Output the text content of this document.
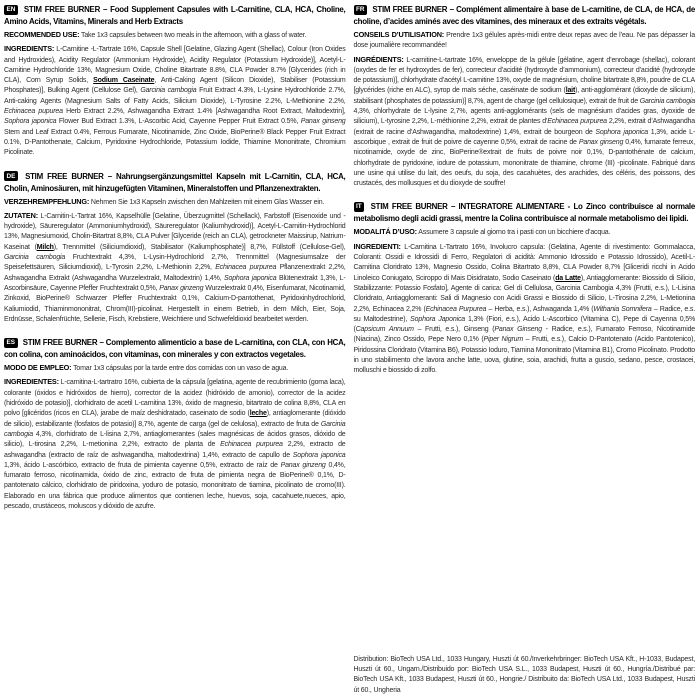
EN STIM FREE BURNER – Food Supplement Capsules with L-Carnitine, CLA, HCA, Choline, Amino Acids, Vitamins, Minerals and Herb Extracts

RECOMMENDED USE: Take 1x3 capsules between two meals in the afternoon, with a glass of water.

INGREDIENTS: L-Carnitine -L-Tartrate 16%, Capsule Shell [Gelatine, Glazing Agent (Shellac), Colour (Iron Oxides and Hydroxides), Acidity Regulator (Ammonium Hydroxide), Acidity Regulator (Potassium Hydroxide)], Acetyl-L-Carnitine Hydrochloride 13%, Magnesium Oxide, Choline Bitartrate 8.8%, CLA Powder 8.7% [Glycerides (rich in CLA), Corn Syrup Solids, Sodium Caseinate, Anti-Caking Agent (Silicon Dioxide), Stabiliser (Potassium Phosphates)], Bulking Agent (Cellulose Gel), Garcinia cambogia Fruit Extract 4.3%, L-Lysine Hydrochloride 2.7%, Anti-caking Agents (Magnesium Salts of Fatty Acids, Silicium Dioxide), L-Tyrosine 2.2%, L-Methionine 2.2%, Echinacea pupurea Herb Extract 2.2%, Ashwagandha Extract 1.4% [Ashwagandha Root Extract, Maltodextrin], Sophora japonica Flower Bud Extract 1.3%, L-Ascorbic Acid, Cayenne Pepper Fruit Extract 0.5%, Panax ginseng Stem and Leaf Extract 0.4%, Ferrous Fumarate, Nicotinamide, Zinc Oxide, BioPerine® Black Pepper Fruit Extract 0.1%, D-Pantothenate, Calcium, Pyridoxine Hydrochloride, Potassium Iodide, Thiamine Mononitrate, Chromium Picolinate.

DE STIM FREE BURNER – Nahrungsergänzungsmittel Kapseln mit L-Carnitin, CLA, HCA, Cholin, Aminosäuren, mit hinzugefügten Vitaminen, Mineralstoffen und Pflanzenextrakten.

VERZEHREMPFEHLUNG: Nehmen Sie 1x3 Kapseln zwischen den Mahlzeiten mit einem Glas Wasser ein.

ZUTATEN: L-Carnitin-L-Tartrat 16%, Kapselhülle [Gelatine, Überzugmittel (Schellack), Farbstoff (Eisenoxide und -hydroxide), Säureregulator (Ammoniumhydroxid), Säureregulator (Kaliumhydroxid)], Acetyl-L-Carnitin-Hydrochlorid 13%, Magnesiumoxid, Cholin-Bitartrat 8,8%, CLA Pulver [Glyceride (reich an CLA), getrockneter Maissirup, Natrium-Kaseinat (Milch), Trennmittel (Siliciumdioxid), Stabilisator (Kaliumphosphate)] 8,7%, Füllstoff (Cellulose-Gel), Garcinia cambogia Fruchtextrakt 4,3%, L-Lysin-Hydrochlorid 2,7%, Trennmittel (Magnesiumsalze der Speisefettsäuren, Siliciumdioxid), L-Tyrosin 2,2%, L-Methionin 2,2%, Echinacea purpurea Pflanzenextrakt 2,2%, Ashwagandha Extrakt (Ashwagandha Wurzelextrakt, Maltodextrin) 1,4%, Sophora japonica Blütenextrakt 1,3%, L-Ascorbinsäure, Cayenne Pfeffer Fruchtextrakt 0,5%, Panax ginzeng Wurzelextrakt 0,4%, Eisenfumarat, Nicotinamid, Zinkoxid, BioPerine® Schwarzer Pfeffer Fruchtextrakt 0,1%, Calcium-D-pantothenat, Pyridoxinhydrochlorid, Kaliumiodid, Thiaminmononitrat, Chrom(III)-picolinat. Hergestellt in einem Betrieb, in dem Milch, Eier, Soja, Erdnüsse, Schalenfrüchte, Sellerie, Fisch, Krebstiere, Weichtiere und Schwefeldioxid bearbeitet werden.

ES STIM FREE BURNER – Complemento alimenticio a base de L-carnitina, con CLA, con HCA, con colina, con aminoácidos, con vitaminas, con minerales y con extractos vegetales.

MODO DE EMPLEO: Tomar 1x3 cápsulas por la tarde entre dos comidas con un vaso de agua.

INGREDIENTES: L-carnitina-L-tartratro 16%, cubierta de la cápsula [gelatina, agente de recubrimiento (goma laca), colorante (óxidos e hidróxidos de hierro), corrector de la acidez (hidróxido de amonio), corrector de la acidez (hidróxido de potasio)], clorhidrato de acetil L-carnitina 13%, óxido de magnesio, bitartrato de colina 8,8%, CLA en polvo [glicéridos (ricos en CLA), jarabe de maíz deshidratado, caseinato de sodio (leche), antiaglomerante (dióxido de silicio), estabilizante (fosfatos de potasio)] 8,7%, agente de carga (gel de celulosa), extracto de fruta de Garcinia cambogia 4,3%, clorhidrato de L-lisina 2,7%, antiaglomerantes (sales magnésicas de ácidos grasos, dióxido de silicio), L-tirosina 2,2%, L-metionina 2,2%, extracto de planta de Echinacea purpurea 2,2%, extracto de ashwagandha (extracto de raíz de ashwagandha, maltodextrina) 1,4%, extracto de capullo de Sophora japonica 1,3%, ácido L-ascórbico, extracto de fruta de pimienta cayenne 0,5%, extracto de raíz de Panax ginzeng 0,4%, fumarato ferroso, nicotinamida, óxido de zinc, extracto de fruta de pimienta negra de BioPerine® 0,1%, D-pantotenato cálcico, clorhidrato de piridoxina, yoduro de potasio, mononitrato de tiamina, picolinato de cromo(III). Elaborado en una fábrica que produce alimentos que contienen leche, huevos, soja, cacahuete,nueces, apio, pescado, crustáceos, moluscos y dióxido de azufre.

FR STIM FREE BURNER – Complément alimentaire à base de L-carnitine, de CLA, de HCA, de choline, d’acides aminés avec des vitamines, des mineraux et des extraits végétals.

CONSEILS D’UTILISATION: Prendre 1x3 gélules après-midi entre deux repas avec de l’eau. Ne pas dépasser la dose journalière recommandée!

INGRÉDIENTS: L-carnitine-L-tartrate 16%, enveloppe de la gélule [gélatine, agent d’enrobage (shellac), colorant (oxydes de fer et hydroxydes de fer), correcteur d’acidité (hydroxyde d’ammonium), correcteur d’acidité (hydroxyde de potassium)], chlorhydrate d’acétyl L-carnitine 13%, oxyde de magnésium, choline bitartrate 8,8%, poudre de CLA [glycérides (riche en ALC), syrop de maïs séche, caséinate de sodium (lait), anti-agglomérant (dioxyde de silicium), stabilisant (phosphates de potassium)] 8,7%, agent de charge (gel cellulosique), extrait de fruit de Garcinia cambogia 4,3%, chlorhydrate de L-lysine 2,7%, agents anti-agglomérants (sels de magnésium d’acides gras, dyoxide de silicium), L-tyrosine 2,2%, L-méthionine 2,2%, extrait de plantes d’Echinacea purpurea 2,2%, extrait d’Ashwagandha (extrait de racine d’Ashwagandha, maltodextrine) 1,4%, extrait de bourgeon de Sophora japonica 1,3%, acide L-ascorbique , extrait de fruit de poivre de cayenne 0,5%, extrait de racine de Panax ginseng 0,4%, fumarate ferreux, nicotinamide, oxyde de zinc, BioPerine®extrait de fruits de poivre noir 0,1%, D-pantothénate de calcium, chlorhydrate de pyridoxine, iodure de potassium, mononitrate de thiamine, chrome (III) -picolinate. Fabriqué dans une usine qui utilise du lait, des oeufs, du soja, des cacahuètes, des arachides, des céléris, des poissons, des crustacés, des mollusques et du dioxyde de souffre!

IT STIM FREE BURNER – INTEGRATORE ALIMENTARE - Lo Zinco contribuisce al normale metabolismo degli acidi grassi, mentre la Colina contribuisce al normale metabolismo dei lipidi.

MODALITÁ D’USO: Assumere 3 capsule al giorno tra i pasti con un bicchiere d’acqua.

INGREDIENTI: L-Carnitina L-Tartrato 16%, Involucro capsula: (Gelatina, Agente di rivestimento: Gommalacca, Coloranti: Ossidi e Idrossidi di Ferro, Regolatori di acidità: Ammonio Idrossido e Potassio Idrossido), Acetil-L-Carnitina Cloridrato 13%, Magnesio Ossido, Colina Bitartrato 8,8%, CLA Powder 8,7% [Gliceridi ricchi in Acido Linoleico Coniugato, Sciroppo di Mais Disidratato, Sodio Caseinato (da Latte), Antiagglomerante: Biossido di Silicio, Stabilizzante: Potassio Fosfato], Agente di carica: Gel di Cellulosa, Garcinia Cambogia 4,3% (Frutti, e.s.), L-Lisina Cloridrato, Antiagglomeranti: Sali di Magnesio con Acidi Grassi e Biossido di Silicio, L-Tirosina 2,2%, L-Metionina 2,2%, Echinacea 2,2% (Echinacea Purpurea – Herba, e.s.), Ashwaganda 1,4% (Withania Somnifera – Radice, e.s. su Maltodestrine), Sophora Japonica 1,3% (Fiori, e.s.), Acido L-Ascorbico (Vitamina C), Pepe di Cayenna 0,5% (Capsicum Annuum – Frutti, e.s.), Ginseng (Panax Ginseng - Radice, e.s.), Fumarato Ferroso, Nicotinamide (Niacina), Zinco Ossido, Pepe Nero 0,1% (Piper Nigrum – Frutti, e.s.), Calcio D-Pantotenato (Acido Pantotenico), Piridossina Cloridrato (Vitamina B6), Potassio Ioduro, Tiamina Mononitrato (Vitamina B1), Cromo Picolinato. Prodotto in uno stabilimento che lavora anche latte, uova, glutine, soia, arachidi, frutta a guscio, sedano, pesce, crostacei, molluschi e biossido di zolfo.

Distribution: BioTech USA Ltd., 1033 Hungary, Huszti út 60./Inverkehrbringer: BioTech USA Kft., H-1033, Budapest, Huszti út 60., Ungarn./Distribuido por: BioTech USA S.L., 1033 Budapest, Huszti út 60., Hungría./Distribué par: BioTech USA Kft., 1033 Budapest, Huszti út 60., Hongrie./ Distribuito da: BioTech USA Ltd., 1033 Budapest, Huszti út 60., Ungheria
